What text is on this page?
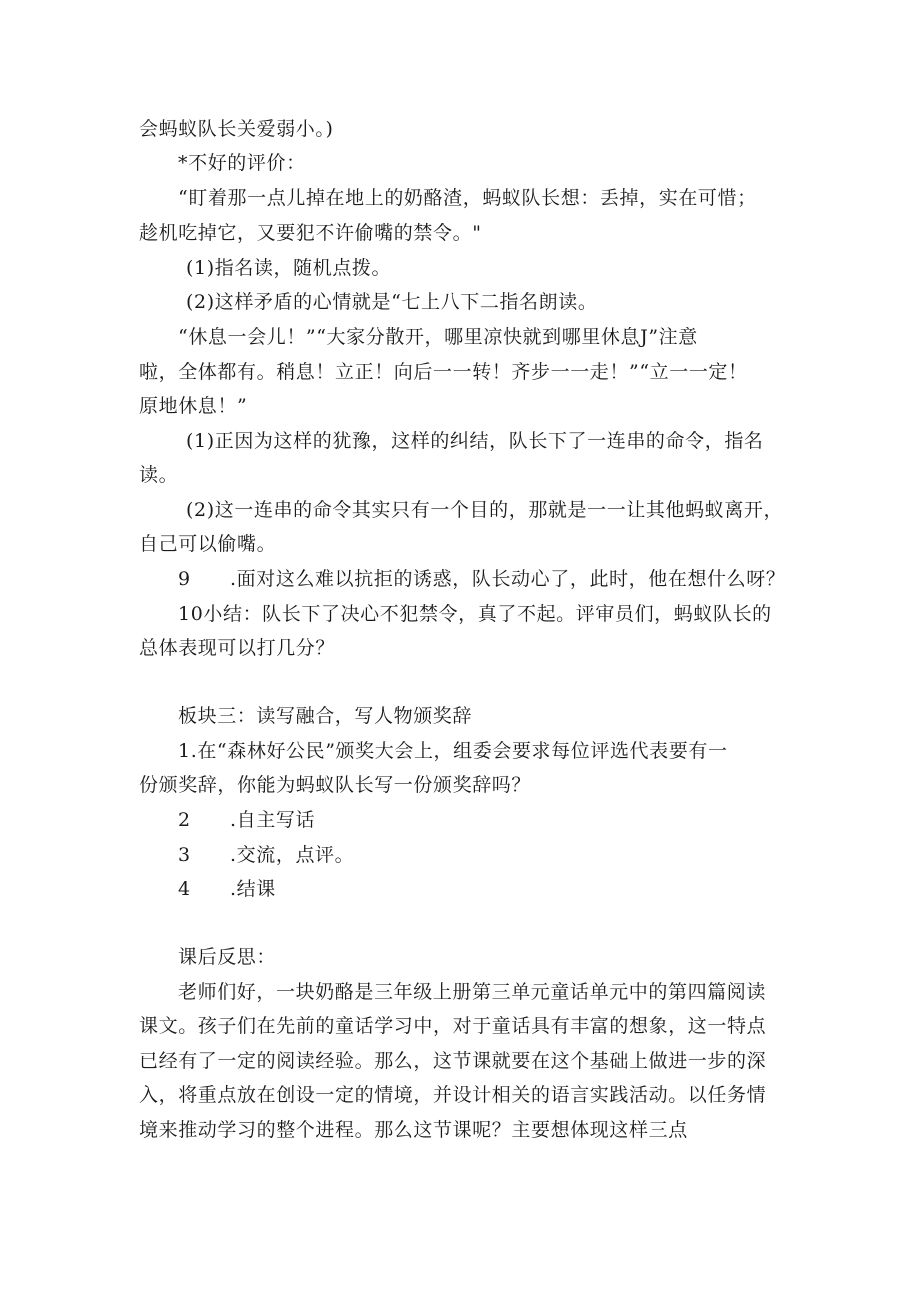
会蚂蚁队长关爱弱小。)
*不好的评价：
“盯着那一点儿掉在地上的奶酪渣，蚂蚁队长想：丢掉，实在可惜；
趁机吃掉它，又要犯不许偷嘴的禁令。"
(1)指名读，随机点拨。
(2)这样矛盾的心情就是“七上八下二指名朗读。
“休息一会儿！”“大家分散开，哪里凉快就到哪里休息J”注意
啦，全体都有。稍息！立正！向后一一转！齐步一一走！”“立一一定！
原地休息！”
(1)正因为这样的犹豫，这样的纠结，队长下了一连串的命令，指名
读。
(2)这一连串的命令其实只有一个目的，那就是一一让其他蚂蚁离开，
自己可以偷嘴。
9 .面对这么难以抗拒的诱惑，队长动心了，此时，他在想什么呀？
10小结：队长下了决心不犯禁令，真了不起。评审员们，蚂蚁队长的
总体表现可以打几分？
板块三：读写融合，写人物颁奖辞
1.在“森林好公民”颁奖大会上，组委会要求每位评选代表要有一
份颁奖辞，你能为蚂蚁队长写一份颁奖辞吗？
2 .自主写话
3 .交流，点评。
4 .结课
课后反思：
老师们好，一块奶酪是三年级上册第三单元童话单元中的第四篇阅读
课文。孩子们在先前的童话学习中，对于童话具有丰富的想象，这一特点
已经有了一定的阅读经验。那么，这节课就要在这个基础上做进一步的深
入，将重点放在创设一定的情境，并设计相关的语言实践活动。以任务情
境来推动学习的整个进程。那么这节课呢？主要想体现这样三点
